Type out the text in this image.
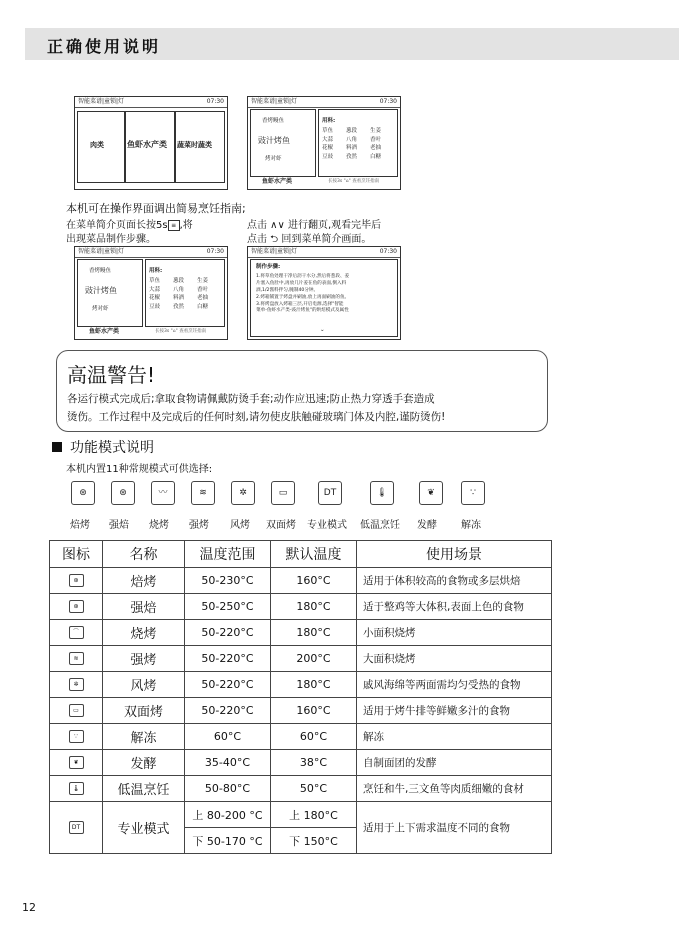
正确使用说明
智能菜谱|童锁|灯	07:30
肉类	鱼虾水产类 蔬菜时蔬类
智能菜谱|童锁|灯	07:30
香烤鳗鱼
豉汁烤鱼
烤对虾
用料:
草鱼 葱段 生姜大蒜 八角 香叶花椒 料酒 老抽豆豉 孜然 白糖
鱼虾水产类	长按3s "⌂" 查看烹饪指南
本机可在操作界面调出简易烹饪指南;
在菜单简介页面长按5s ≡ ,将
出现菜品制作步骤。
点击 ∧∨ 进行翻页,观看完毕后
点击 ⮌ 回到菜单简介画面。
智能菜谱|童锁|灯	07:30
香烤鳗鱼
豉汁烤鱼
烤对虾
用料:
草鱼 葱段 生姜大蒜 八角 香叶花椒 料酒 老抽豆豉 孜然 白糖
鱼虾水产类	长按3s "⌂" 查看烹饪指南
智能菜谱|童锁|灯	07:30
制作步骤:
1.将草鱼处理干净后沥干水分,然后将葱段、姜
片塞入鱼肚中,再放几片姜在鱼的表面,倒入料
酒,1/2酱料拌匀,腌制40分钟。
2.烤箱铺置于烤盘并刷油,放上再面刷油的鱼。
3.将烤盘放入烤箱三层,开启电源,选择"智能
菜单-鱼虾水产类-豉汁烤鱼"的烘焙模式及属性
⌄
高温警告!
各运行模式完成后;拿取食物请佩戴防烫手套;动作应迅速;防止热力穿透手套造成
烫伤。工作过程中及完成后的任何时刻,请勿使皮肤触碰玻璃门体及内腔,谨防烫伤!
功能模式说明
本机内置11种常规模式可供选择:
⊛
焙烤
⊛
强焙
〰
烧烤
≋
强烤
✲
风烤
▭
双面烤
DT
专业模式
🌡
低温烹饪
❦
发酵
∵
解冻
图标	名称	温度范围	默认温度	使用场景
⊛	焙烤	50-230°C	160°C	适用于体积较高的食物或多层烘焙
⊛	强焙	50-250°C	180°C	适于整鸡等大体积,表面上色的食物
⌒	烧烤	50-220°C	180°C	小面积烧烤
≋	强烤	50-220°C	200°C	大面积烧烤
✲	风烤	50-220°C	180°C	戚风海绵等两面需均匀受热的食物
▭	双面烤	50-220°C	160°C	适用于烤牛排等鲜嫩多汁的食物
∵	解冻	60°C	60°C	解冻
❦	发酵	35-40°C	38°C	自制面团的发酵
🌡	低温烹饪	50-80°C	50°C	烹饪和牛,三文鱼等肉质细嫩的食材
DT	专业模式	上 80-200 °C	上 180°C	适用于上下需求温度不同的食物
		下 50-170 °C	下 150°C	
12
